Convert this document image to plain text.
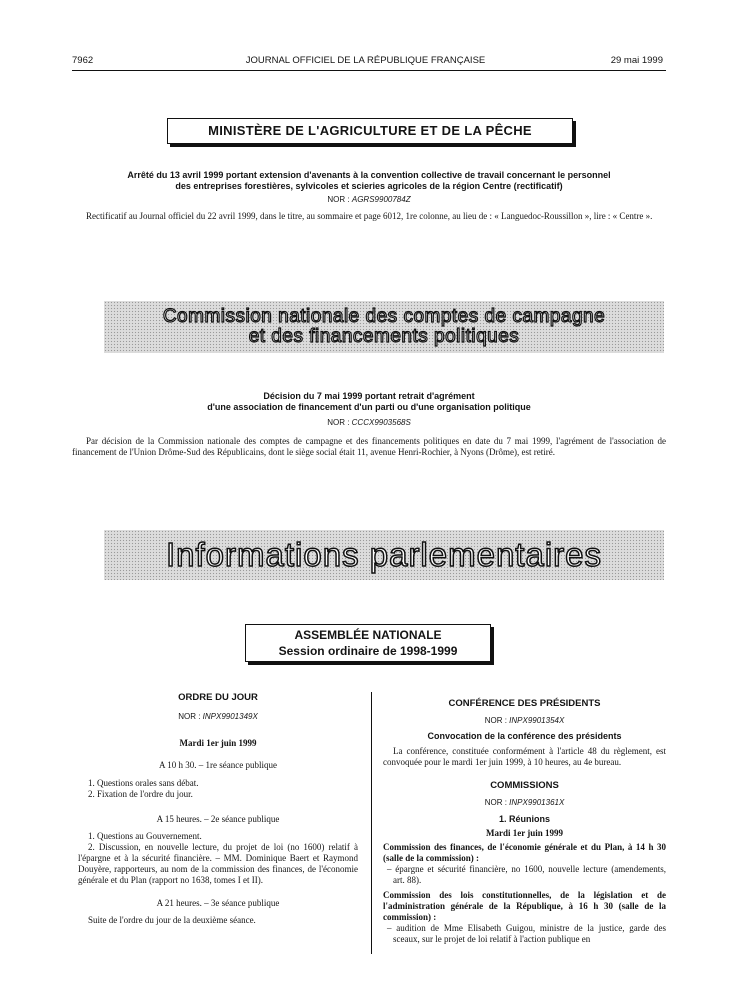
7962	JOURNAL OFFICIEL DE LA RÉPUBLIQUE FRANÇAISE	29 mai 1999
MINISTÈRE DE L'AGRICULTURE ET DE LA PÊCHE
Arrêté du 13 avril 1999 portant extension d'avenants à la convention collective de travail concernant le personnel
des entreprises forestières, sylvicoles et scieries agricoles de la région Centre (rectificatif)
NOR : AGRS9900784Z
Rectificatif au Journal officiel du 22 avril 1999, dans le titre, au sommaire et page 6012, 1re colonne, au lieu de : « Languedoc-Roussillon », lire : « Centre ».
Commission nationale des comptes de campagne
et des financements politiques
Décision du 7 mai 1999 portant retrait d'agrément
d'une association de financement d'un parti ou d'une organisation politique
NOR : CCCX9903568S
Par décision de la Commission nationale des comptes de campagne et des financements politiques en date du 7 mai 1999, l'agrément de l'association de financement de l'Union Drôme-Sud des Républicains, dont le siège social était 11, avenue Henri-Rochier, à Nyons (Drôme), est retiré.
Informations parlementaires
ASSEMBLÉE NATIONALE
Session ordinaire de 1998-1999
ORDRE DU JOUR
NOR : INPX9901349X
Mardi 1er juin 1999
A 10 h 30. – 1re séance publique
1. Questions orales sans débat.
2. Fixation de l'ordre du jour.
A 15 heures. – 2e séance publique
1. Questions au Gouvernement.
2. Discussion, en nouvelle lecture, du projet de loi (no 1600) relatif à l'épargne et à la sécurité financière. – MM. Dominique Baert et Raymond Douyère, rapporteurs, au nom de la commission des finances, de l'économie générale et du Plan (rapport no 1638, tomes I et II).
A 21 heures. – 3e séance publique
Suite de l'ordre du jour de la deuxième séance.
CONFÉRENCE DES PRÉSIDENTS
NOR : INPX9901354X
Convocation de la conférence des présidents
La conférence, constituée conformément à l'article 48 du règlement, est convoquée pour le mardi 1er juin 1999, à 10 heures, au 4e bureau.
COMMISSIONS
NOR : INPX9901361X
1. Réunions
Mardi 1er juin 1999
Commission des finances, de l'économie générale et du Plan, à 14 h 30 (salle de la commission) :
– épargne et sécurité financière, no 1600, nouvelle lecture (amendements, art. 88).
Commission des lois constitutionnelles, de la législation et de l'administration générale de la République, à 16 h 30 (salle de la commission) :
– audition de Mme Elisabeth Guigou, ministre de la justice, garde des sceaux, sur le projet de loi relatif à l'action publique en
